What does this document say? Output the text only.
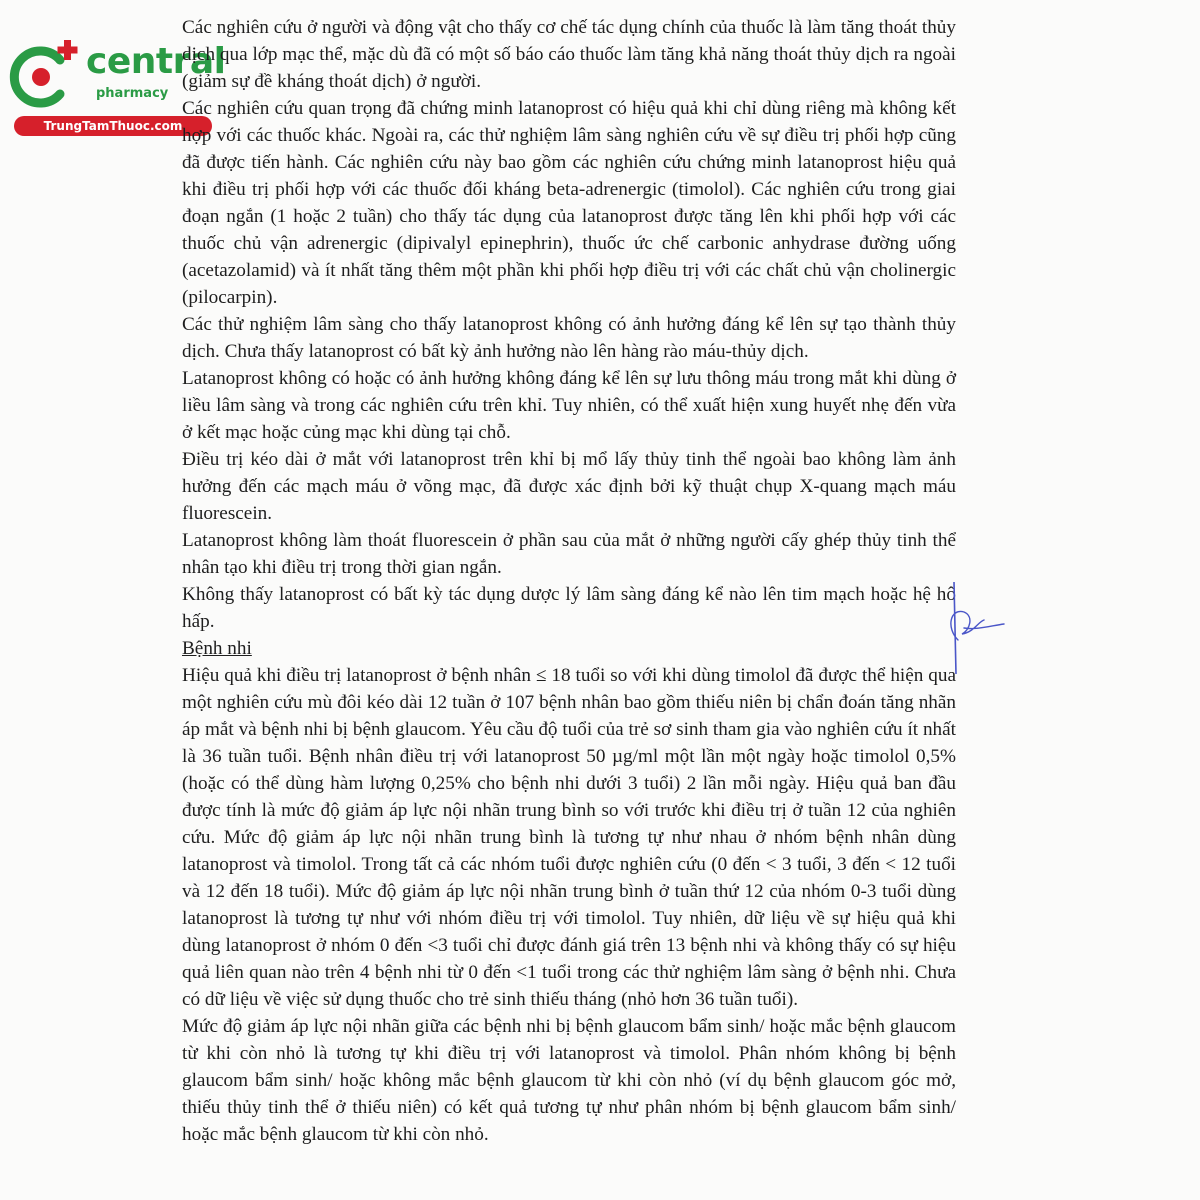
central
pharmacy
TrungTamThuoc.com

Các nghiên cứu ở người và động vật cho thấy cơ chế tác dụng chính của thuốc là làm tăng thoát thủy dịch qua lớp mạc thể, mặc dù đã có một số báo cáo thuốc làm tăng khả năng thoát thủy dịch ra ngoài (giảm sự đề kháng thoát dịch) ở người.

Các nghiên cứu quan trọng đã chứng minh latanoprost có hiệu quả khi chỉ dùng riêng mà không kết hợp với các thuốc khác. Ngoài ra, các thử nghiệm lâm sàng nghiên cứu về sự điều trị phối hợp cũng đã được tiến hành. Các nghiên cứu này bao gồm các nghiên cứu chứng minh latanoprost hiệu quả khi điều trị phối hợp với các thuốc đối kháng beta-adrenergic (timolol). Các nghiên cứu trong giai đoạn ngắn (1 hoặc 2 tuần) cho thấy tác dụng của latanoprost được tăng lên khi phối hợp với các thuốc chủ vận adrenergic (dipivalyl epinephrin), thuốc ức chế carbonic anhydrase đường uống (acetazolamid) và ít nhất tăng thêm một phần khi phối hợp điều trị với các chất chủ vận cholinergic (pilocarpin).

Các thử nghiệm lâm sàng cho thấy latanoprost không có ảnh hưởng đáng kể lên sự tạo thành thủy dịch. Chưa thấy latanoprost có bất kỳ ảnh hưởng nào lên hàng rào máu-thủy dịch.

Latanoprost không có hoặc có ảnh hưởng không đáng kể lên sự lưu thông máu trong mắt khi dùng ở liều lâm sàng và trong các nghiên cứu trên khỉ. Tuy nhiên, có thể xuất hiện xung huyết nhẹ đến vừa ở kết mạc hoặc củng mạc khi dùng tại chỗ.

Điều trị kéo dài ở mắt với latanoprost trên khỉ bị mổ lấy thủy tinh thể ngoài bao không làm ảnh hưởng đến các mạch máu ở võng mạc, đã được xác định bởi kỹ thuật chụp X-quang mạch máu fluorescein.

Latanoprost không làm thoát fluorescein ở phần sau của mắt ở những người cấy ghép thủy tinh thể nhân tạo khi điều trị trong thời gian ngắn.

Không thấy latanoprost có bất kỳ tác dụng dược lý lâm sàng đáng kể nào lên tim mạch hoặc hệ hô hấp.

Bệnh nhi

Hiệu quả khi điều trị latanoprost ở bệnh nhân ≤ 18 tuổi so với khi dùng timolol đã được thể hiện qua một nghiên cứu mù đôi kéo dài 12 tuần ở 107 bệnh nhân bao gồm thiếu niên bị chẩn đoán tăng nhãn áp mắt và bệnh nhi bị bệnh glaucom. Yêu cầu độ tuổi của trẻ sơ sinh tham gia vào nghiên cứu ít nhất là 36 tuần tuổi. Bệnh nhân điều trị với latanoprost 50 µg/ml một lần một ngày hoặc timolol 0,5% (hoặc có thể dùng hàm lượng 0,25% cho bệnh nhi dưới 3 tuổi) 2 lần mỗi ngày. Hiệu quả ban đầu được tính là mức độ giảm áp lực nội nhãn trung bình so với trước khi điều trị ở tuần 12 của nghiên cứu. Mức độ giảm áp lực nội nhãn trung bình là tương tự như nhau ở nhóm bệnh nhân dùng latanoprost và timolol. Trong tất cả các nhóm tuổi được nghiên cứu (0 đến < 3 tuổi, 3 đến < 12 tuổi và 12 đến 18 tuổi). Mức độ giảm áp lực nội nhãn trung bình ở tuần thứ 12 của nhóm 0-3 tuổi dùng latanoprost là tương tự như với nhóm điều trị với timolol. Tuy nhiên, dữ liệu về sự hiệu quả khi dùng latanoprost ở nhóm 0 đến <3 tuổi chỉ được đánh giá trên 13 bệnh nhi và không thấy có sự hiệu quả liên quan nào trên 4 bệnh nhi từ 0 đến <1 tuổi trong các thử nghiệm lâm sàng ở bệnh nhi. Chưa có dữ liệu về việc sử dụng thuốc cho trẻ sinh thiếu tháng (nhỏ hơn 36 tuần tuổi).

Mức độ giảm áp lực nội nhãn giữa các bệnh nhi bị bệnh glaucom bẩm sinh/ hoặc mắc bệnh glaucom từ khi còn nhỏ là tương tự khi điều trị với latanoprost và timolol. Phân nhóm không bị bệnh glaucom bẩm sinh/ hoặc không mắc bệnh glaucom từ khi còn nhỏ (ví dụ bệnh glaucom góc mở, thiếu thủy tinh thể ở thiếu niên) có kết quả tương tự như phân nhóm bị bệnh glaucom bẩm sinh/ hoặc mắc bệnh glaucom từ khi còn nhỏ.
